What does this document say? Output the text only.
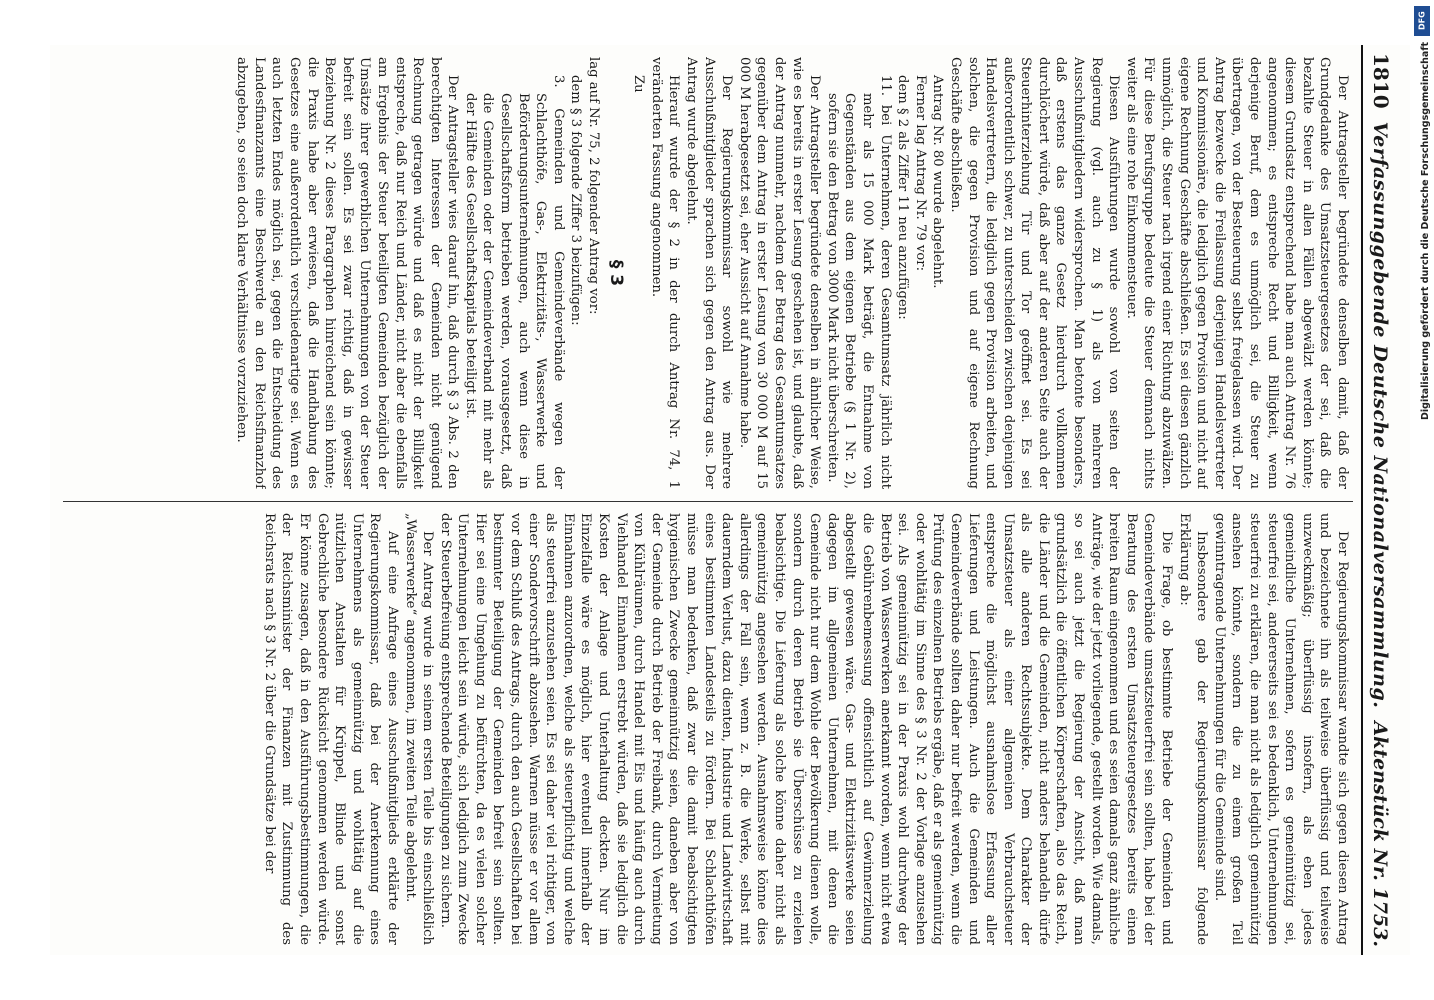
1810
Verfassunggebende Deutsche Nationalversammlung.
Aktenstück Nr. 1753.

Der Antragsteller begründete denselben damit, daß der Grundgedanke des Umsatzsteuergesetzes der sei, daß die bezahlte Steuer in allen Fällen abgewälzt werden könnte; diesem Grundsatz entsprechend habe man auch Antrag Nr. 76 angenommen; es entspreche Recht und Billigkeit, wenn derjenige Beruf, dem es unmöglich sei, die Steuer zu übertragen, von der Besteuerung selbst freigelassen wird. Der Antrag bezwecke die Freilassung derjenigen Handelsvertreter und Kommissionäre, die lediglich gegen Provision und nicht auf eigene Rechnung Geschäfte abschließen. Es sei diesen gänzlich unmöglich, die Steuer nach irgend einer Richtung abzuwälzen. Für diese Berufsgruppe bedeute die Steuer demnach nichts weiter als eine rohe Einkommensteuer.

Diesen Ausführungen wurde sowohl von seiten der Regierung (vgl. auch zu § 1) als von mehreren Ausschußmitgliedern widersprochen. Man betonte besonders, daß erstens das ganze Gesetz hierdurch vollkommen durchlöchert würde, daß aber auf der anderen Seite auch der Steuerhinterziehung Tür und Tor geöffnet sei. Es sei außerordentlich schwer, zu unterscheiden zwischen denjenigen Handelsvertretern, die lediglich gegen Provision arbeiten, und solchen, die gegen Provision und auf eigene Rechnung Geschäfte abschließen.

Antrag Nr. 80 wurde abgelehnt.

Ferner lag Antrag Nr. 79 vor:

dem § 2 als Ziffer 11 neu anzufügen:

11. bei Unternehmen, deren Gesamtumsatz jährlich nicht mehr als 15 000 Mark beträgt, die Entnahme von Gegenständen aus dem eigenen Betriebe (§ 1 Nr. 2), sofern sie den Betrag von 3000 Mark nicht überschreiten.

Der Antragsteller begründete denselben in ähnlicher Weise, wie es bereits in erster Lesung geschehen ist, und glaubte, daß der Antrag nunmehr, nachdem der Betrag des Gesamtumsatzes gegenüber dem Antrag in erster Lesung von 30 000 M auf 15 000 M herabgesetzt sei, eher Aussicht auf Annahme habe.

Der Regierungskommissar sowohl wie mehrere Ausschußmitglieder sprachen sich gegen den Antrag aus. Der Antrag wurde abgelehnt.

Hierauf wurde der § 2 in der durch Antrag Nr. 74, 1 veränderten Fassung angenommen.

Zu

§ 3

lag auf Nr. 75, 2 folgender Antrag vor:

dem § 3 folgende Ziffer 3 beizufügen:

3. Gemeinden und Gemeindeverbände wegen der Schlachthöfe, Gas-, Elektrizitäts-, Wasserwerke und Beförderungsunternehmungen, auch wenn diese in Gesellschaftsform betrieben werden, vorausgesetzt, daß die Gemeinden oder der Gemeindeverband mit mehr als der Hälfte des Gesellschaftskapitals beteiligt ist.

Der Antragsteller wies darauf hin, daß durch § 3 Abs. 2 den berechtigten Interessen der Gemeinden nicht genügend Rechnung getragen würde und daß es nicht der Billigkeit entspreche, daß nur Reich und Länder, nicht aber die ebenfalls am Ergebnis der Steuer beteiligten Gemeinden bezüglich der Umsätze ihrer gewerblichen Unternehmungen von der Steuer befreit sein sollen. Es sei zwar richtig, daß in gewisser Beziehung Nr. 2 dieses Paragraphen hinreichend sein könnte; die Praxis habe aber erwiesen, daß die Handhabung des Gesetzes eine außerordentlich verschiedenartige sei. Wenn es auch letzten Endes möglich sei, gegen die Entscheidung des Landesfinanzamts eine Beschwerde an den Reichsfinanzhof abzugeben, so seien doch klare Verhältnisse vorzuziehen.

Der Regierungskommissar wandte sich gegen diesen Antrag und bezeichnete ihn als teilweise überflüssig und teilweise unzweckmäßig; überflüssig insofern, als eben jedes gemeindliche Unternehmen, sofern es gemeinnützig sei, steuerfrei sei, andererseits sei es bedenklich, Unternehmungen steuerfrei zu erklären, die man nicht als lediglich gemeinnützig ansehen könnte, sondern die zu einem großen Teil gewinntragende Unternehmungen für die Gemeinde sind.

Insbesondere gab der Regierungskommissar folgende Erklärung ab:

Die Frage, ob bestimmte Betriebe der Gemeinden und Gemeindeverbände umsatzsteuerfrei sein sollten, habe bei der Beratung des ersten Umsatzsteuergesetzes bereits einen breiten Raum eingenommen und es seien damals ganz ähnliche Anträge, wie der jetzt vorliegende, gestellt worden. Wie damals, so sei auch jetzt die Regierung der Ansicht, daß man grundsätzlich die öffentlichen Körperschaften, also das Reich, die Länder und die Gemeinden, nicht anders behandeln dürfe als alle anderen Rechtssubjekte. Dem Charakter der Umsatzsteuer als einer allgemeinen Verbrauchsteuer entspreche die möglichst ausnahmslose Erfassung aller Lieferungen und Leistungen. Auch die Gemeinden und Gemeindeverbände sollten daher nur befreit werden, wenn die Prüfung des einzelnen Betriebs ergäbe, daß er als gemeinnützig oder wohltätig im Sinne des § 3 Nr. 2 der Vorlage anzusehen sei. Als gemeinnützig sei in der Praxis wohl durchweg der Betrieb von Wasserwerken anerkannt worden, wenn nicht etwa die Gebührenbemessung offensichtlich auf Gewinnerzielung abgestellt gewesen wäre. Gas- und Elektrizitätswerke seien dagegen im allgemeinen Unternehmen, mit denen die Gemeinde nicht nur dem Wohle der Bevölkerung dienen wolle, sondern durch deren Betrieb sie Überschüsse zu erzielen beabsichtige. Die Lieferung als solche könne daher nicht als gemeinnützig angesehen werden. Ausnahmsweise könne dies allerdings der Fall sein, wenn z. B. die Werke, selbst mit dauerndem Verlust, dazu dienten, Industrie und Landwirtschaft eines bestimmten Landesteils zu fördern. Bei Schlachthöfen müsse man bedenken, daß zwar die damit beabsichtigten hygienischen Zwecke gemeinnützig seien, daneben aber von der Gemeinde durch Betrieb der Freibank, durch Vermietung von Kühlräumen, durch Handel mit Eis und häufig auch durch Viehhandel Einnahmen erstrebt würden, daß sie lediglich die Kosten der Anlage und Unterhaltung deckten. Nur im Einzelfalle wäre es möglich, hier eventuell innerhalb der Einnahmen anzuordnen, welche als steuerpflichtig und welche als steuerfrei anzusehen seien. Es sei daher viel richtiger, von einer Sondervorschrift abzusehen. Warnen müsse er vor allem vor dem Schluß des Antrags, durch den auch Gesellschaften bei bestimmter Beteiligung der Gemeinden befreit sein sollten. Hier sei eine Umgehung zu befürchten, da es vielen solcher Unternehmungen leicht sein würde, sich lediglich zum Zwecke der Steuerbefreiung entsprechende Beteiligungen zu sichern.

Der Antrag wurde in seinem ersten Teile bis einschließlich „Wasserwerke“ angenommen, im zweiten Teile abgelehnt.

Auf eine Anfrage eines Ausschußmitglieds erklärte der Regierungskommissar, daß bei der Anerkennung eines Unternehmens als gemeinnützig und wohltätig auf die nützlichen Anstalten für Krüppel, Blinde und sonst Gebrechliche besondere Rücksicht genommen werden würde. Er könne zusagen, daß in den Ausführungsbestimmungen, die der Reichsminister der Finanzen mit Zustimmung des Reichsrats nach § 3 Nr. 2 über die Grundsätze bei der

DFG
Digitalisierung gefördert durch die Deutsche Forschungsgemeinschaft
